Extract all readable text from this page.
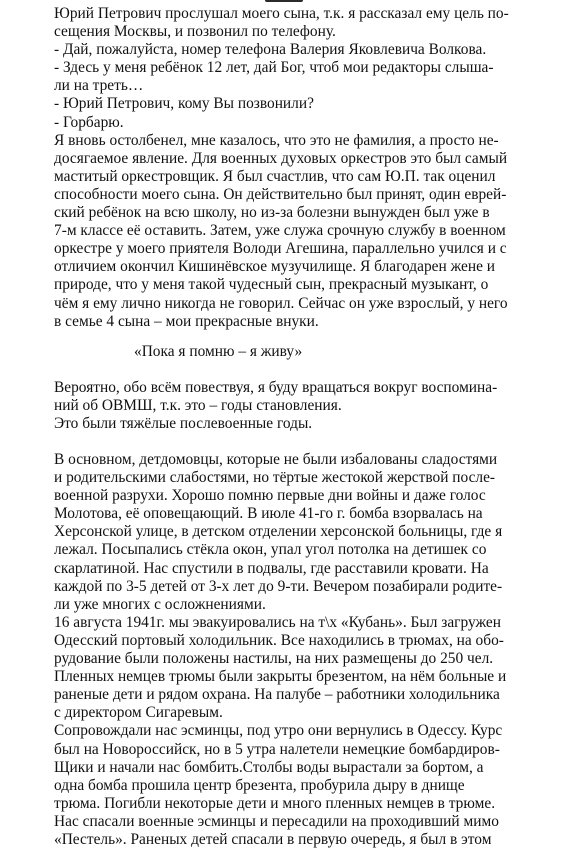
Юрий Петрович прослушал моего сына, т.к. я рассказал ему цель по-
сещения Москвы, и позвонил по телефону.
- Дай, пожалуйста, номер телефона Валерия Яковлевича Волкова.
- Здесь у меня ребёнок 12 лет, дай Бог, чтоб мои редакторы слыша-
ли на треть…
- Юрий Петрович, кому Вы позвонили?
- Горбарю.
Я вновь остолбенел, мне казалось, что это не фамилия, а просто не-
досягаемое явление. Для военных духовых оркестров это был самый
маститый оркестровщик. Я был счастлив, что сам Ю.П. так оценил
способности моего сына. Он действительно был принят, один еврей-
ский ребёнок на всю школу, но из-за болезни вынужден был уже в
7-м классе её оставить. Затем, уже служа срочную службу в военном
оркестре у моего приятеля Володи Агешина, параллельно учился и с
отличием окончил Кишинёвское музучилище. Я благодарен жене и
природе, что у меня такой чудесный сын, прекрасный музыкант, о
чём я ему лично никогда не говорил. Сейчас он уже взрослый, у него
в семье 4 сына – мои прекрасные внуки.
«Пока я помню – я живу»
Вероятно, обо всём повествуя, я буду вращаться вокруг воспомина-
ний об ОВМШ, т.к. это – годы становления.
Это были тяжёлые послевоенные годы.
В основном, детдомовцы, которые не были избалованы сладостями
и родительскими слабостями, но тёртые жестокой жерствой после-
военной разрухи. Хорошо помню первые дни войны и даже голос
Молотова, её оповещающий. В июле 41-го г. бомба взорвалась на
Херсонской улице, в детском отделении херсонской больницы, где я
лежал. Посыпались стёкла окон, упал угол потолка на детишек со
скарлатиной. Нас спустили в подвалы, где расставили кровати. На
каждой по 3-5 детей от 3-х лет до 9-ти. Вечером позабирали родите-
ли уже многих с осложнениями.
16 августа 1941г. мы эвакуировались на т\х «Кубань». Был загружен
Одесский портовый холодильник. Все находились в трюмах, на обо-
рудование были положены настилы, на них размещены до 250 чел.
Пленных немцев трюмы были закрыты брезентом, на нём больные и
раненые дети и рядом охрана. На палубе – работники холодильника
с директором Сигаревым.
Сопровождали нас эсминцы, под утро они вернулись в Одессу. Курс
был на Новороссийск, но в 5 утра налетели немецкие бомбардиров-
Щики и начали нас бомбить.Столбы воды вырастали за бортом, а
одна бомба прошила центр брезента, пробурила дыру в днище
трюма. Погибли некоторые дети и много пленных немцев в трюме.
Нас спасали военные эсминцы и пересадили на проходивший мимо
«Пестель». Раненых детей спасали в первую очередь, я был в этом
